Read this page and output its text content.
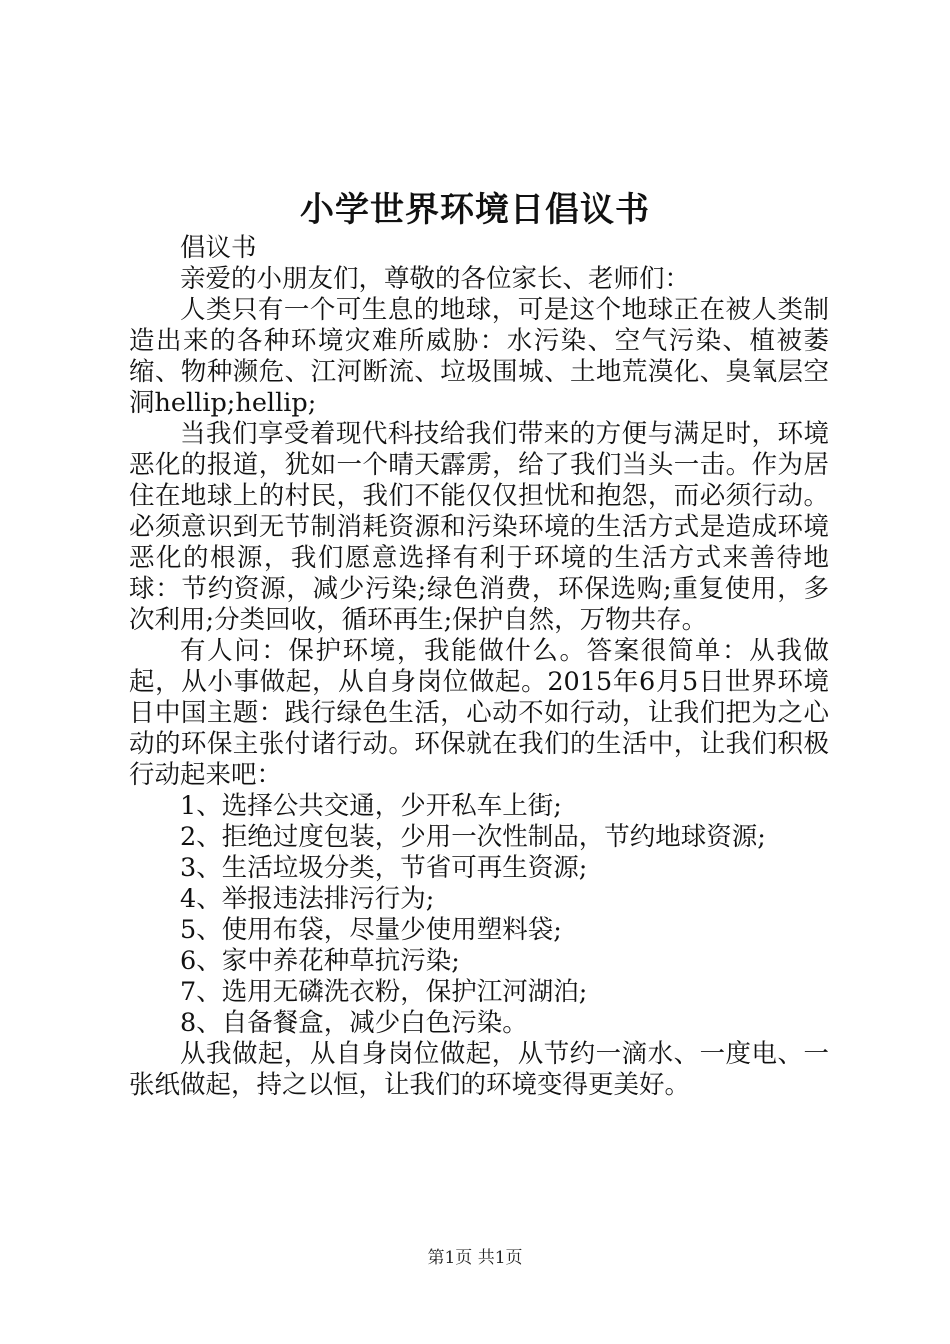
小学世界环境日倡议书

倡议书

亲爱的小朋友们，尊敬的各位家长、老师们：

人类只有一个可生息的地球，可是这个地球正在被人类制造出来的各种环境灾难所威胁：水污染、空气污染、植被萎缩、物种濒危、江河断流、垃圾围城、土地荒漠化、臭氧层空洞hellip;hellip;

当我们享受着现代科技给我们带来的方便与满足时，环境恶化的报道，犹如一个晴天霹雳，给了我们当头一击。作为居住在地球上的村民，我们不能仅仅担忧和抱怨，而必须行动。必须意识到无节制消耗资源和污染环境的生活方式是造成环境恶化的根源，我们愿意选择有利于环境的生活方式来善待地球：节约资源，减少污染;绿色消费，环保选购;重复使用，多次利用;分类回收，循环再生;保护自然，万物共存。

有人问：保护环境，我能做什么。答案很简单：从我做起，从小事做起，从自身岗位做起。2015年6月5日世界环境日中国主题：践行绿色生活，心动不如行动，让我们把为之心动的环保主张付诸行动。环保就在我们的生活中，让我们积极行动起来吧：

1、选择公共交通，少开私车上街;

2、拒绝过度包装，少用一次性制品，节约地球资源;

3、生活垃圾分类，节省可再生资源;

4、举报违法排污行为;

5、使用布袋，尽量少使用塑料袋;

6、家中养花种草抗污染;

7、选用无磷洗衣粉，保护江河湖泊;

8、自备餐盒，减少白色污染。

从我做起，从自身岗位做起，从节约一滴水、一度电、一张纸做起，持之以恒，让我们的环境变得更美好。

第1页 共1页
